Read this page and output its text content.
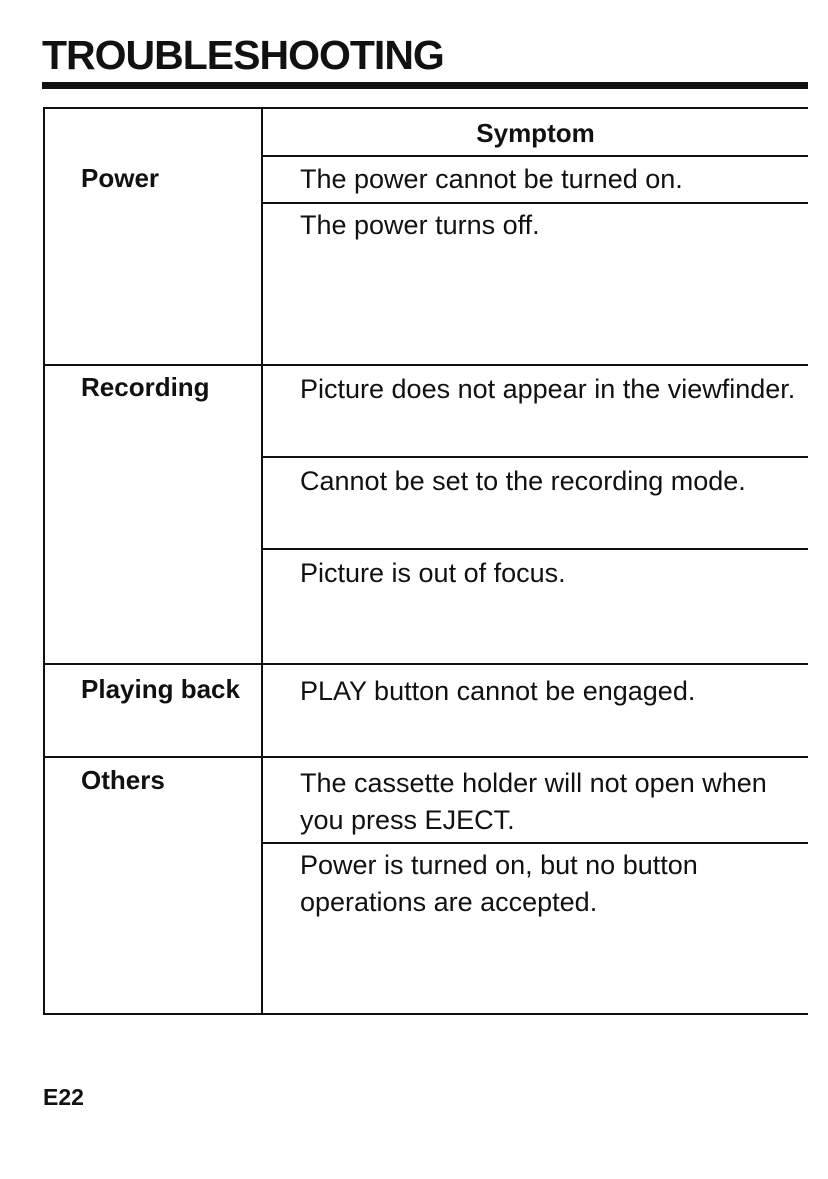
TROUBLESHOOTING
Symptom
Power	The power cannot be turned on.
The power turns off.
Recording	Picture does not appear in the viewfinder.
Cannot be set to the recording mode.
Picture is out of focus.
Playing back	PLAY button cannot be engaged.
Others	The cassette holder will not open when you press EJECT.
Power is turned on, but no button operations are accepted.
E22
